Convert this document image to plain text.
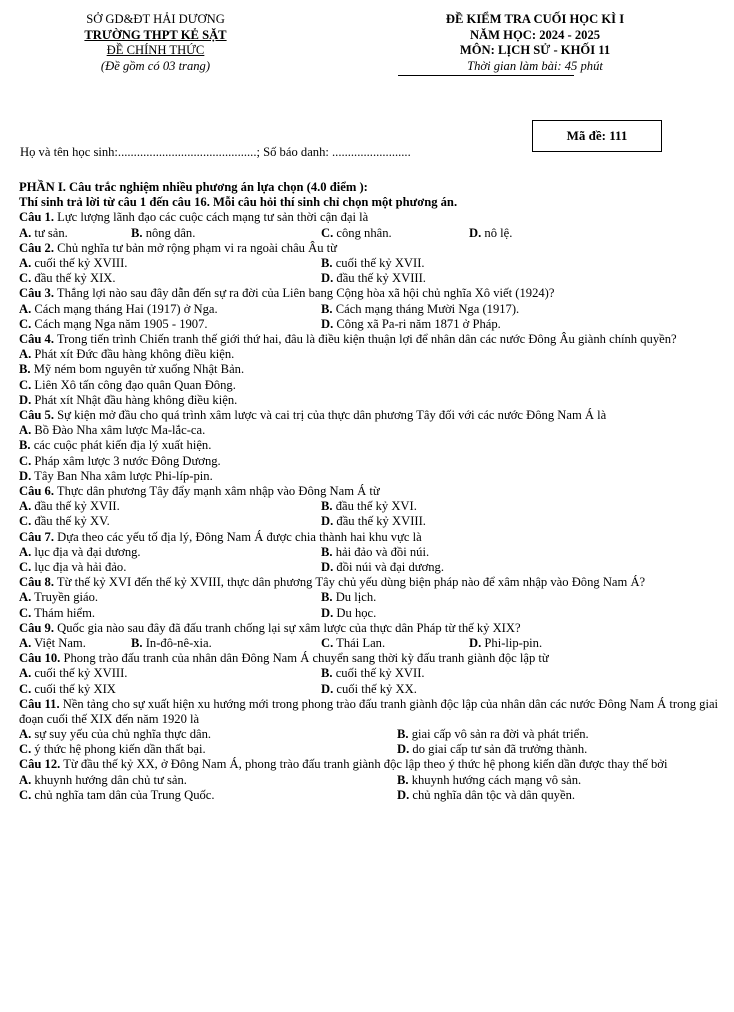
SỞ GD&ĐT HẢI DƯƠNG
TRƯỜNG THPT KẺ SẶT
ĐỀ CHÍNH THỨC
(Đề gồm có 03 trang)
ĐỀ KIỂM TRA CUỐI HỌC KÌ I
NĂM HỌC: 2024 - 2025
MÔN: LỊCH SỬ - KHỐI 11
Thời gian làm bài: 45 phút
Mã đề: 111
Họ và tên học sinh:............................................; Số báo danh: .........................
PHẦN I. Câu trắc nghiệm nhiều phương án lựa chọn (4.0 điểm ):
Thí sinh trả lời từ câu 1 đến câu 16. Mỗi câu hỏi thí sinh chỉ chọn một phương án.
Câu 1. Lực lượng lãnh đạo các cuộc cách mạng tư sản thời cận đại là
A. tư sản.	B. nông dân.	C. công nhân.	D. nô lệ.
Câu 2. Chủ nghĩa tư bản mở rộng phạm vi ra ngoài châu Âu từ
A. cuối thế kỷ XVIII.	B. cuối thế kỷ XVII.
C. đầu thế kỷ XIX.	D. đầu thế kỷ XVIII.
Câu 3. Thắng lợi nào sau đây dẫn đến sự ra đời của Liên bang Cộng hòa xã hội chủ nghĩa Xô viết (1924)?
A. Cách mạng tháng Hai (1917) ở Nga.	B. Cách mạng tháng Mười Nga (1917).
C. Cách mạng Nga năm 1905 - 1907.	D. Công xã Pa-ri năm 1871 ở Pháp.
Câu 4. Trong tiến trình Chiến tranh thế giới thứ hai, đâu là điều kiện thuận lợi để nhân dân các nước Đông Âu giành chính quyền?
A. Phát xít Đức đầu hàng không điều kiện.
B. Mỹ ném bom nguyên tử xuống Nhật Bản.
C. Liên Xô tấn công đạo quân Quan Đông.
D. Phát xít Nhật đầu hàng không điều kiện.
Câu 5. Sự kiện mở đầu cho quá trình xâm lược và cai trị của thực dân phương Tây đối với các nước Đông Nam Á là
A. Bồ Đào Nha xâm lược Ma-lắc-ca.
B. các cuộc phát kiến địa lý xuất hiện.
C. Pháp xâm lược 3 nước Đông Dương.
D. Tây Ban Nha xâm lược Phi-líp-pin.
Câu 6. Thực dân phương Tây đẩy mạnh xâm nhập vào Đông Nam Á từ
A. đầu thế kỷ XVII.	B. đầu thế kỷ XVI.
C. đầu thế kỷ XV.	D. đầu thế kỷ XVIII.
Câu 7. Dựa theo các yếu tố địa lý, Đông Nam Á được chia thành hai khu vực là
A. lục địa và đại dương.	B. hải đảo và đồi núi.
C. lục địa và hải đảo.	D. đồi núi và đại dương.
Câu 8. Từ thế kỷ XVI đến thế kỷ XVIII, thực dân phương Tây chủ yếu dùng biện pháp nào để xâm nhập vào Đông Nam Á?
A. Truyền giáo.	B. Du lịch.
C. Thám hiểm.	D. Du học.
Câu 9. Quốc gia nào sau đây đã đấu tranh chống lại sự xâm lược của thực dân Pháp từ thế kỷ XIX?
A. Việt Nam.	B. In-đô-nê-xia.	C. Thái Lan.	D. Phi-lip-pin.
Câu 10. Phong trào đấu tranh của nhân dân Đông Nam Á chuyển sang thời kỳ đấu tranh giành độc lập từ
A. cuối thế kỷ XVIII.	B. cuối thế kỷ XVII.
C. cuối thế kỷ XIX	D. cuối thế kỷ XX.
Câu 11. Nền tảng cho sự xuất hiện xu hướng mới trong phong trào đấu tranh giành độc lập của nhân dân các nước Đông Nam Á trong giai đoạn cuối thế XIX đến năm 1920 là
A. sự suy yếu của chủ nghĩa thực dân.	B. giai cấp vô sản ra đời và phát triển.
C. ý thức hệ phong kiến dần thất bại.	D. do giai cấp tư sản đã trưởng thành.
Câu 12. Từ đầu thế kỷ XX, ở Đông Nam Á, phong trào đấu tranh giành độc lập theo ý thức hệ phong kiến dần được thay thế bởi
A. khuynh hướng dân chủ tư sản.	B. khuynh hướng cách mạng vô sản.
C. chủ nghĩa tam dân của Trung Quốc.	D. chủ nghĩa dân tộc và dân quyền.
